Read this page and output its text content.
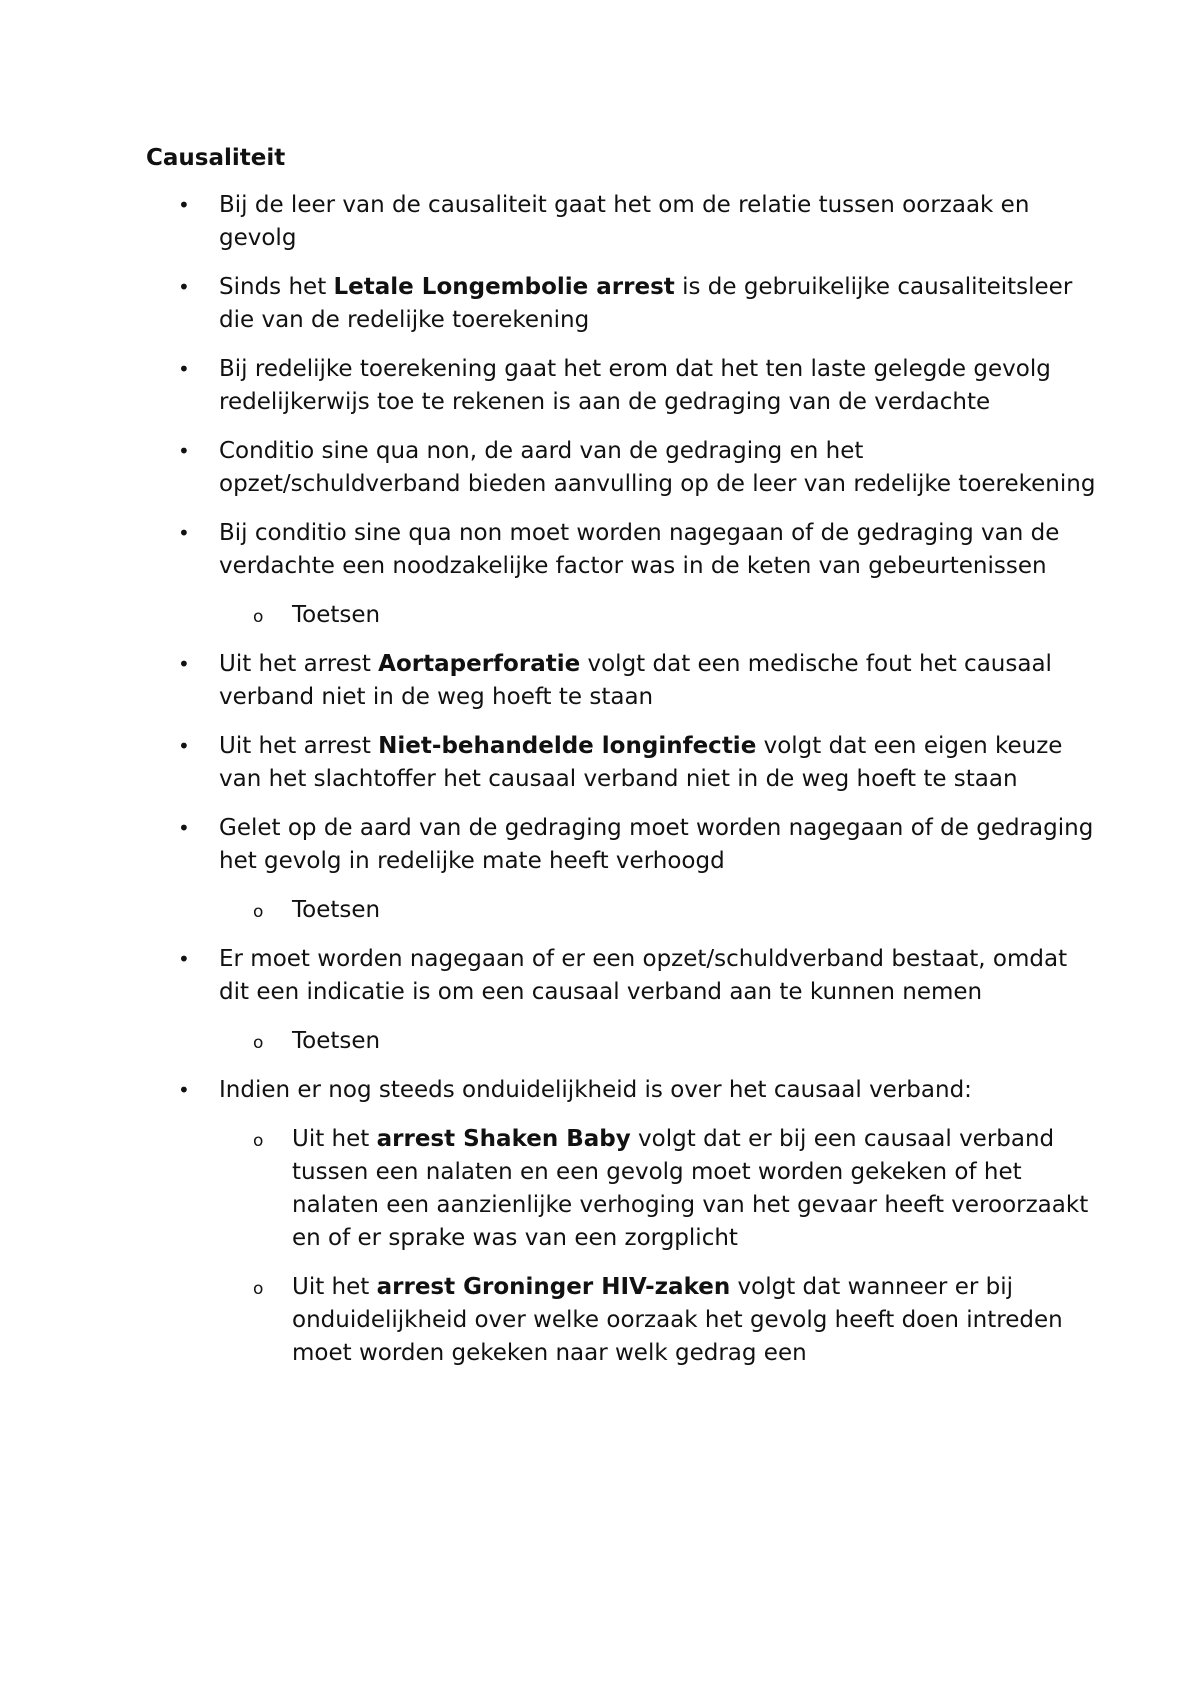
Causaliteit
• Bij de leer van de causaliteit gaat het om de relatie tussen oorzaak en gevolg
• Sinds het Letale Longembolie arrest is de gebruikelijke causaliteitsleer die van de redelijke toerekening
• Bij redelijke toerekening gaat het erom dat het ten laste gelegde gevolg redelijkerwijs toe te rekenen is aan de gedraging van de verdachte
• Conditio sine qua non, de aard van de gedraging en het opzet/schuldverband bieden aanvulling op de leer van redelijke toerekening
• Bij conditio sine qua non moet worden nagegaan of de gedraging van de verdachte een noodzakelijke factor was in de keten van gebeurtenissen
o Toetsen
• Uit het arrest Aortaperforatie volgt dat een medische fout het causaal verband niet in de weg hoeft te staan
• Uit het arrest Niet-behandelde longinfectie volgt dat een eigen keuze van het slachtoffer het causaal verband niet in de weg hoeft te staan
• Gelet op de aard van de gedraging moet worden nagegaan of de gedraging het gevolg in redelijke mate heeft verhoogd
o Toetsen
• Er moet worden nagegaan of er een opzet/schuldverband bestaat, omdat dit een indicatie is om een causaal verband aan te kunnen nemen
o Toetsen
• Indien er nog steeds onduidelijkheid is over het causaal verband:
o Uit het arrest Shaken Baby volgt dat er bij een causaal verband tussen een nalaten en een gevolg moet worden gekeken of het nalaten een aanzienlijke verhoging van het gevaar heeft veroorzaakt en of er sprake was van een zorgplicht
o Uit het arrest Groninger HIV-zaken volgt dat wanneer er bij onduidelijkheid over welke oorzaak het gevolg heeft doen intreden moet worden gekeken naar welk gedrag een
